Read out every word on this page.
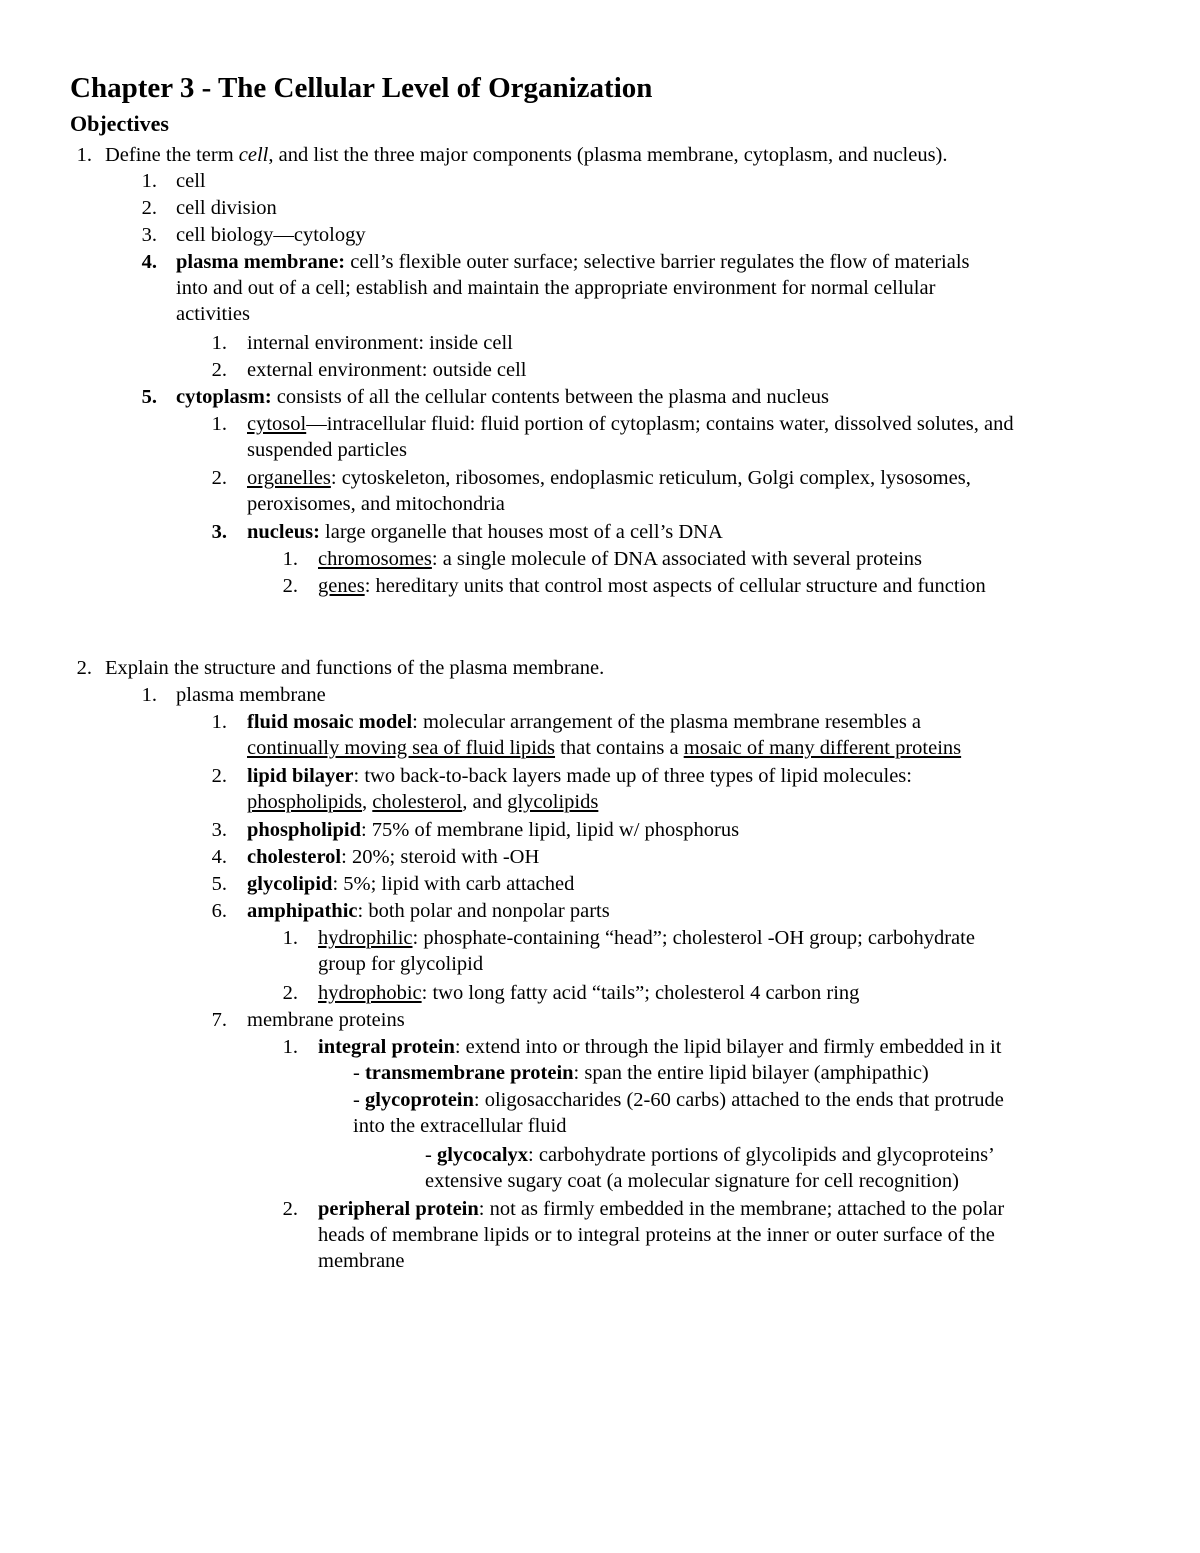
Chapter 3 - The Cellular Level of Organization
Objectives
1. Define the term cell, and list the three major components (plasma membrane, cytoplasm, and nucleus).
1. cell
2. cell division
3. cell biology—cytology
4. plasma membrane: cell’s flexible outer surface; selective barrier regulates the flow of materials
into and out of a cell; establish and maintain the appropriate environment for normal cellular
activities
1. internal environment: inside cell
2. external environment: outside cell
5. cytoplasm: consists of all the cellular contents between the plasma and nucleus
1. cytosol—intracellular fluid: fluid portion of cytoplasm; contains water, dissolved solutes, and
suspended particles
2. organelles: cytoskeleton, ribosomes, endoplasmic reticulum, Golgi complex, lysosomes,
peroxisomes, and mitochondria
3. nucleus: large organelle that houses most of a cell’s DNA
1. chromosomes: a single molecule of DNA associated with several proteins
2. genes: hereditary units that control most aspects of cellular structure and function
2. Explain the structure and functions of the plasma membrane.
1. plasma membrane
1. fluid mosaic model: molecular arrangement of the plasma membrane resembles a
continually moving sea of fluid lipids that contains a mosaic of many different proteins
2. lipid bilayer: two back-to-back layers made up of three types of lipid molecules:
phospholipids, cholesterol, and glycolipids
3. phospholipid: 75% of membrane lipid, lipid w/ phosphorus
4. cholesterol: 20%; steroid with -OH
5. glycolipid: 5%; lipid with carb attached
6. amphipathic: both polar and nonpolar parts
1. hydrophilic: phosphate-containing “head”; cholesterol -OH group; carbohydrate
group for glycolipid
2. hydrophobic: two long fatty acid “tails”; cholesterol 4 carbon ring
7. membrane proteins
1. integral protein: extend into or through the lipid bilayer and firmly embedded in it
- transmembrane protein: span the entire lipid bilayer (amphipathic)
- glycoprotein: oligosaccharides (2-60 carbs) attached to the ends that protrude
into the extracellular fluid
- glycocalyx: carbohydrate portions of glycolipids and glycoproteins’
extensive sugary coat (a molecular signature for cell recognition)
2. peripheral protein: not as firmly embedded in the membrane; attached to the polar
heads of membrane lipids or to integral proteins at the inner or outer surface of the
membrane
